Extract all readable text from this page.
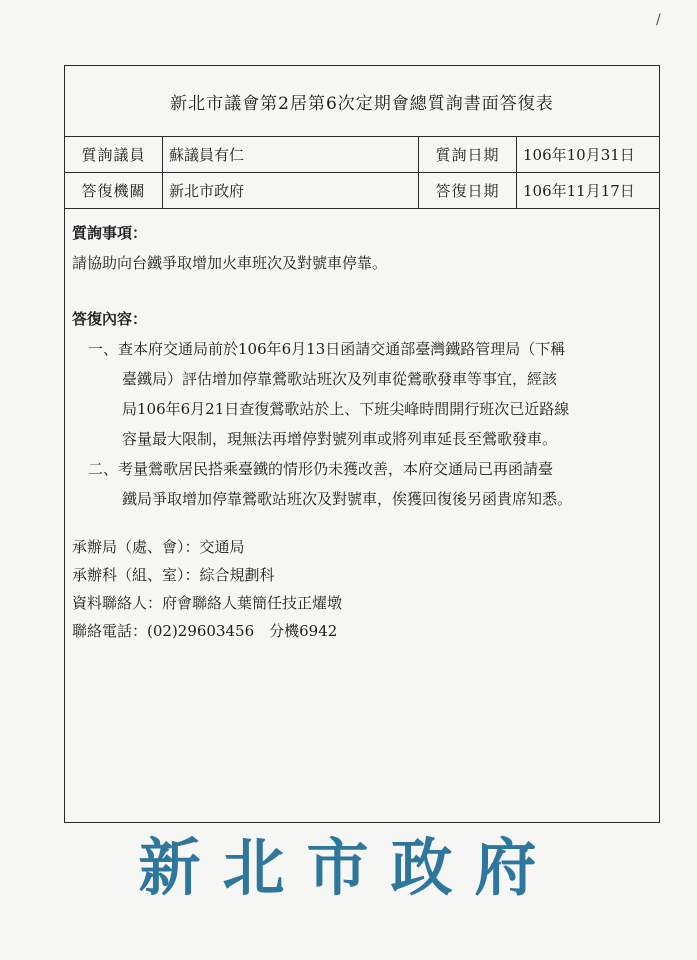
/
新北市議會第2居第6次定期會總質詢書面答復表
質詢議員	蘇議員有仁	質詢日期	106年10月31日
答復機關	新北市政府	答復日期	106年11月17日
質詢事項：
請協助向台鐵爭取增加火車班次及對號車停靠。
答復內容：
一、查本府交通局前於106年6月13日函請交通部臺灣鐵路管理局（下稱
臺鐵局）評估增加停靠鶯歌站班次及列車從鶯歌發車等事宜，經該
局106年6月21日查復鶯歌站於上、下班尖峰時間開行班次已近路線
容量最大限制，現無法再增停對號列車或將列車延長至鶯歌發車。
二、考量鶯歌居民搭乘臺鐵的情形仍未獲改善，本府交通局已再函請臺
鐵局爭取增加停靠鶯歌站班次及對號車，俟獲回復後另函貴席知悉。
承辦局（處、會）：交通局
承辦科（組、室）：綜合規劃科
資料聯絡人：府會聯絡人葉簡任技正燿墩
聯絡電話：(02)29603456　分機6942
新北市政府
